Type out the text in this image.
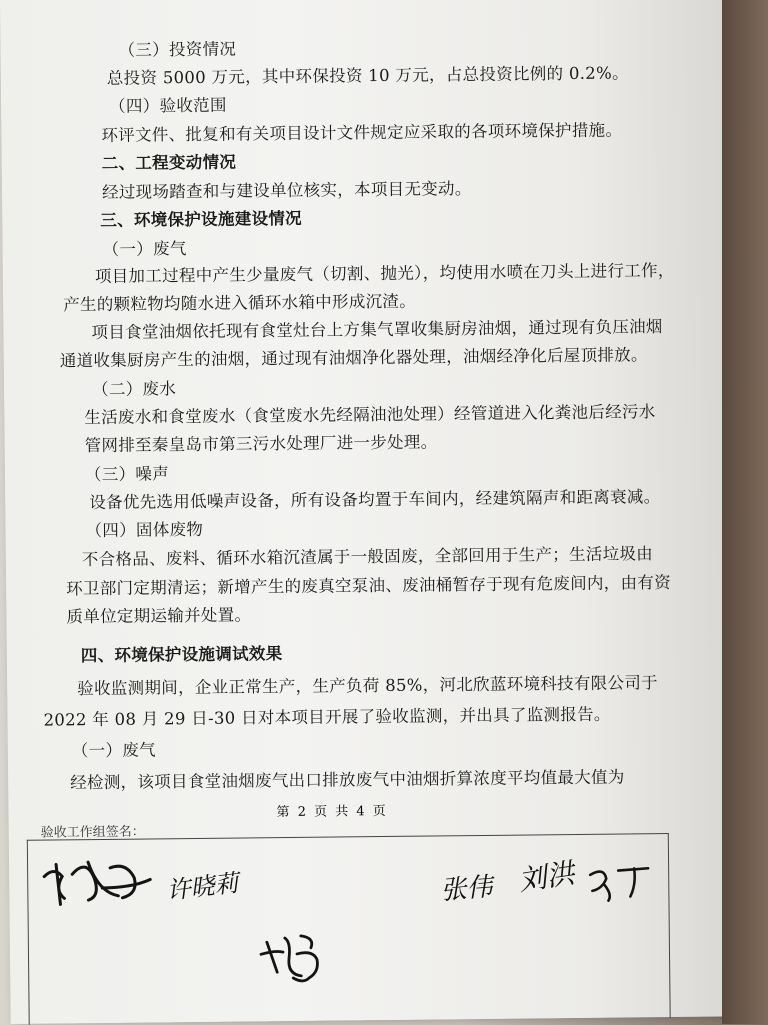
（三）投资情况
总投资 5000 万元，其中环保投资 10 万元，占总投资比例的 0.2%。
（四）验收范围
环评文件、批复和有关项目设计文件规定应采取的各项环境保护措施。
二、工程变动情况
经过现场踏查和与建设单位核实，本项目无变动。
三、环境保护设施建设情况
（一）废气
项目加工过程中产生少量废气（切割、抛光），均使用水喷在刀头上进行工作，
产生的颗粒物均随水进入循环水箱中形成沉渣。
项目食堂油烟依托现有食堂灶台上方集气罩收集厨房油烟，通过现有负压油烟
通道收集厨房产生的油烟，通过现有油烟净化器处理，油烟经净化后屋顶排放。
（二）废水
生活废水和食堂废水（食堂废水先经隔油池处理）经管道进入化粪池后经污水
管网排至秦皇岛市第三污水处理厂进一步处理。
（三）噪声
设备优先选用低噪声设备，所有设备均置于车间内，经建筑隔声和距离衰减。
（四）固体废物
不合格品、废料、循环水箱沉渣属于一般固废，全部回用于生产；生活垃圾由
环卫部门定期清运；新增产生的废真空泵油、废油桶暂存于现有危废间内，由有资
质单位定期运输并处置。
四、环境保护设施调试效果
验收监测期间，企业正常生产，生产负荷 85%，河北欣蓝环境科技有限公司于
2022 年 08 月 29 日-30 日对本项目开展了验收监测，并出具了监测报告。
（一）废气
经检测，该项目食堂油烟废气出口排放废气中油烟折算浓度平均值最大值为
第 2 页 共 4 页
验收工作组签名：
许晓莉	张伟 刘洪
